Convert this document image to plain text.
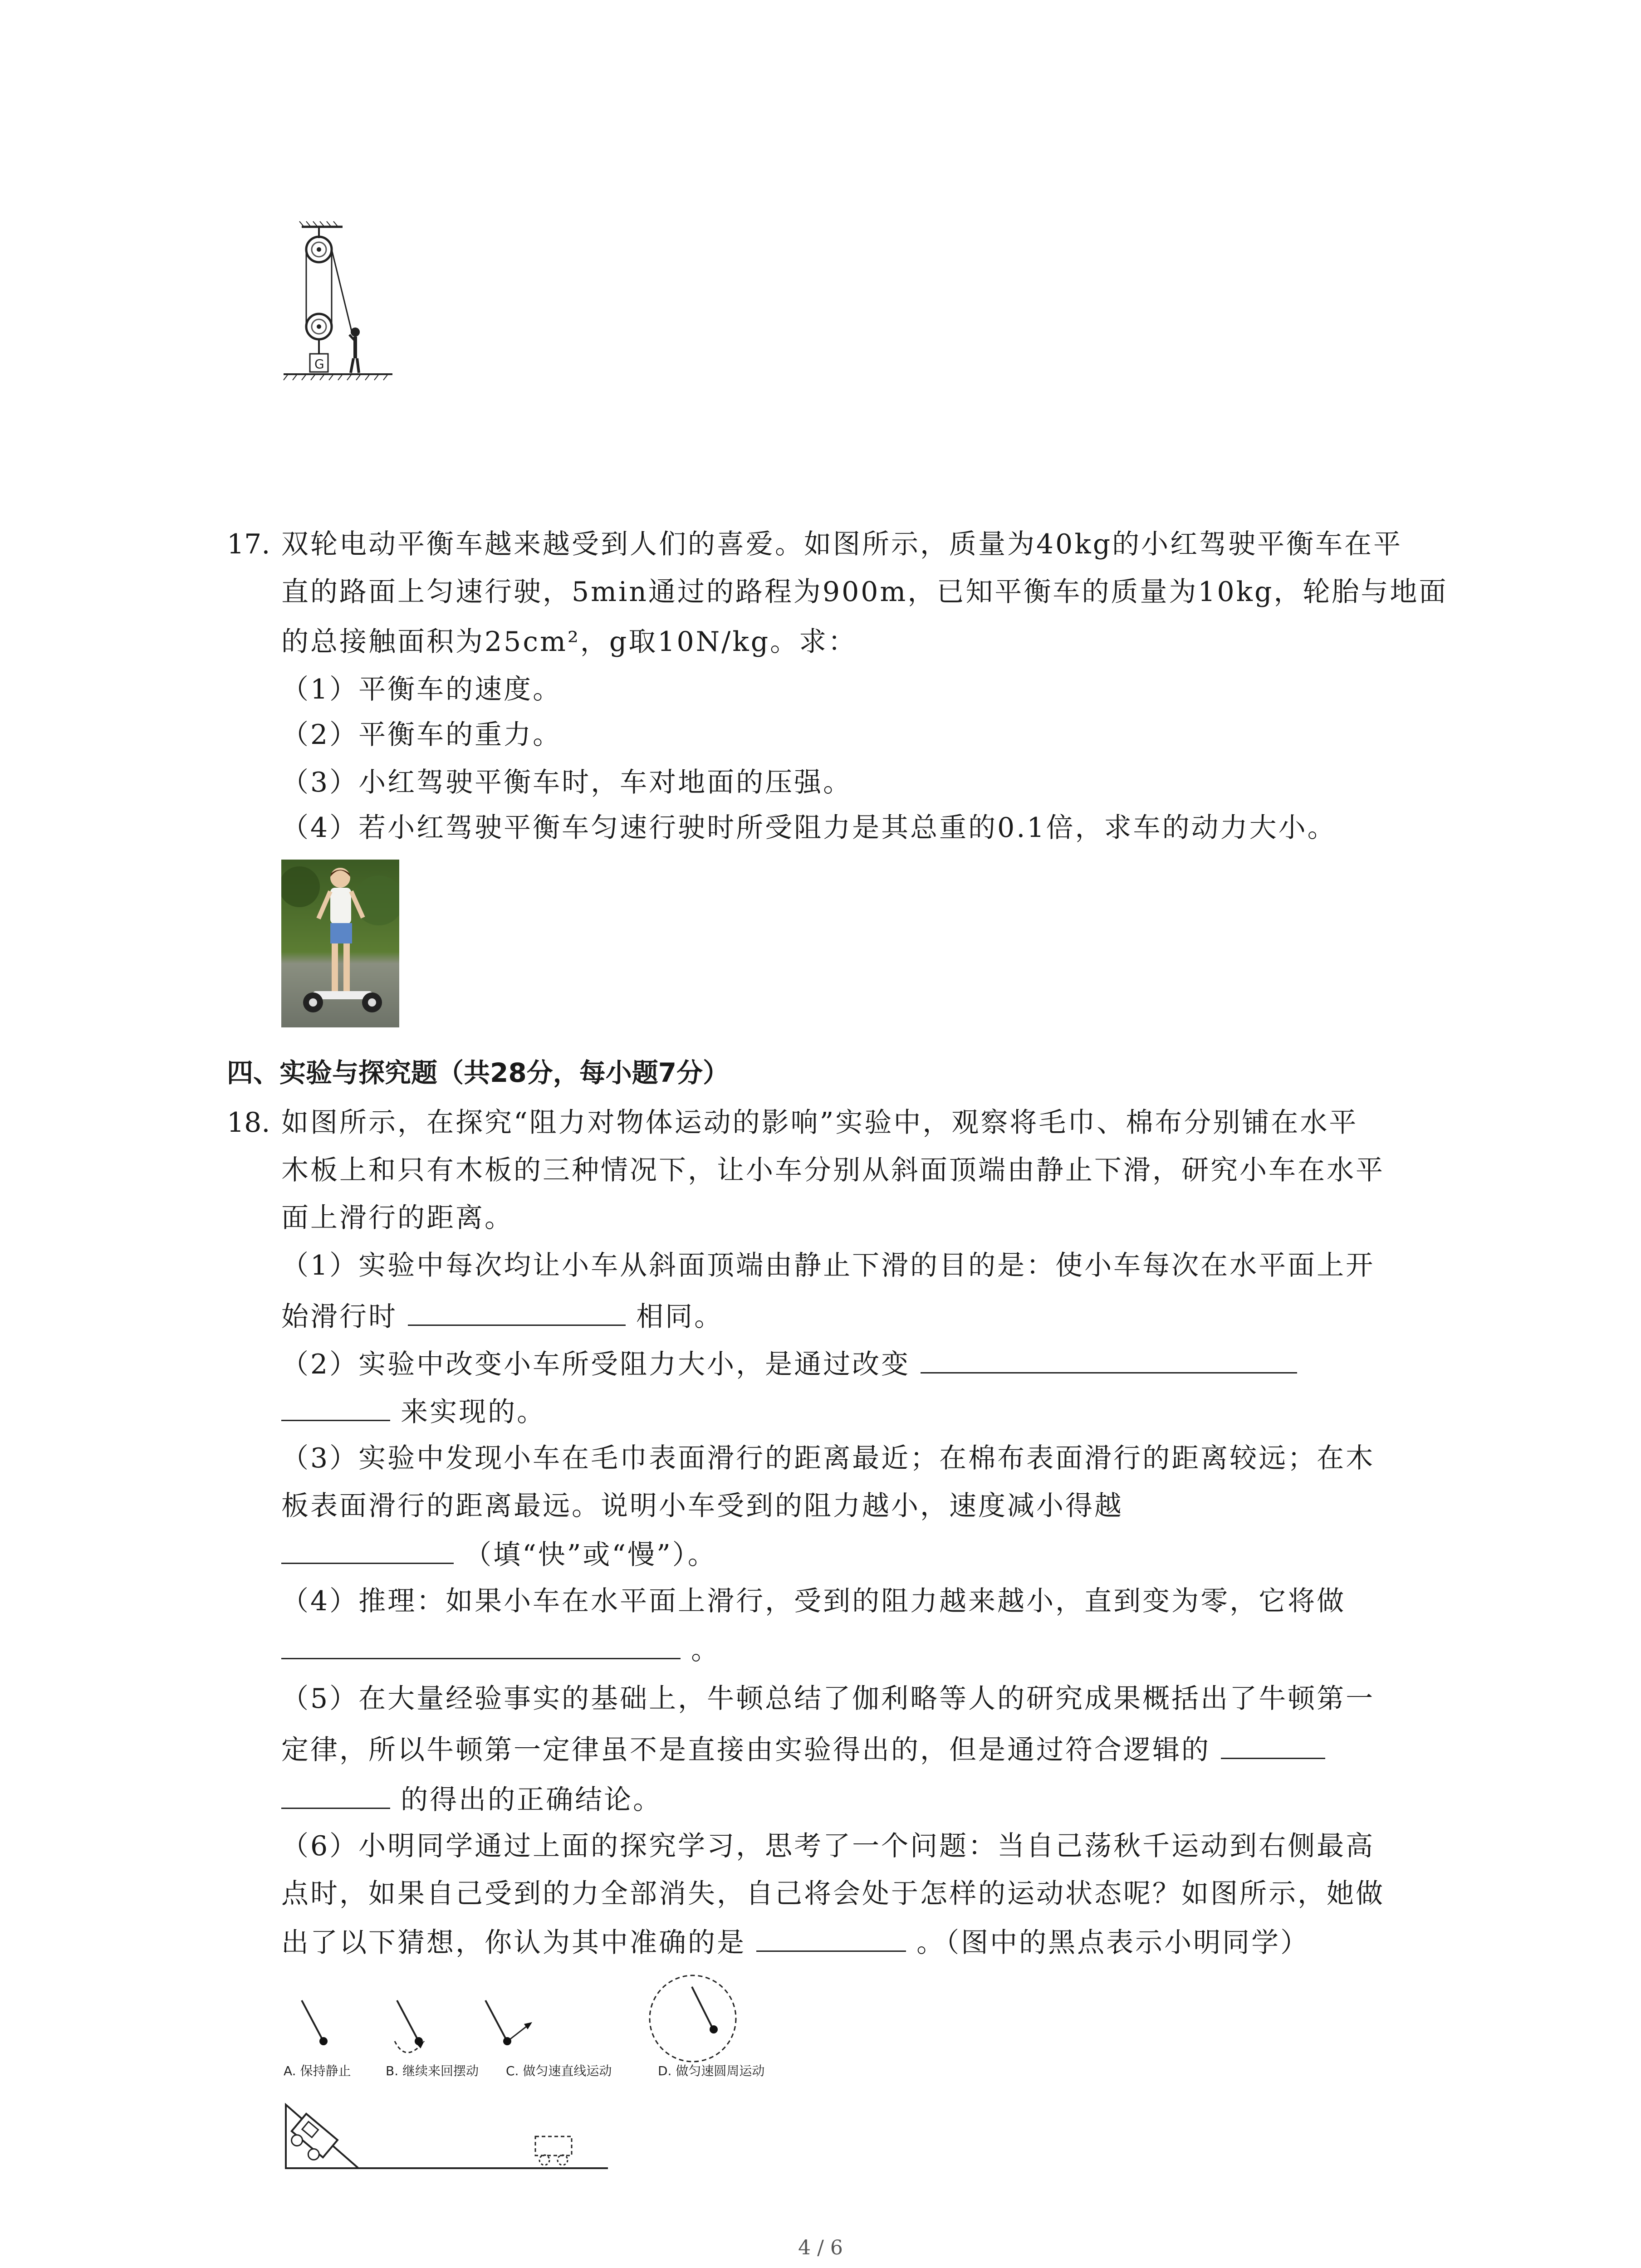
G
17. 双轮电动平衡车越来越受到人们的喜爱。如图所示，质量为40kg的小红驾驶平衡车在平
直的路面上匀速行驶，5min通过的路程为900m，已知平衡车的质量为10kg，轮胎与地面
的总接触面积为25cm²，g取10N/kg。求：
（1）平衡车的速度。
（2）平衡车的重力。
（3）小红驾驶平衡车时，车对地面的压强。
（4）若小红驾驶平衡车匀速行驶时所受阻力是其总重的0.1倍，求车的动力大小。
四、实验与探究题（共28分，每小题7分）
18. 如图所示，在探究“阻力对物体运动的影响”实验中，观察将毛巾、棉布分别铺在水平
木板上和只有木板的三种情况下，让小车分别从斜面顶端由静止下滑，研究小车在水平
面上滑行的距离。
（1）实验中每次均让小车从斜面顶端由静止下滑的目的是：使小车每次在水平面上开
始滑行时	相同。
（2）实验中改变小车所受阻力大小，是通过改变
来实现的。
（3）实验中发现小车在毛巾表面滑行的距离最近；在棉布表面滑行的距离较远；在木
板表面滑行的距离最远。说明小车受到的阻力越小，速度减小得越
（填“快”或“慢”）。
（4）推理：如果小车在水平面上滑行，受到的阻力越来越小，直到变为零，它将做
。
（5）在大量经验事实的基础上，牛顿总结了伽利略等人的研究成果概括出了牛顿第一
定律，所以牛顿第一定律虽不是直接由实验得出的，但是通过符合逻辑的
的得出的正确结论。
（6）小明同学通过上面的探究学习，思考了一个问题：当自己荡秋千运动到右侧最高
点时，如果自己受到的力全部消失，自己将会处于怎样的运动状态呢？如图所示，她做
出了以下猜想，你认为其中准确的是	。（图中的黑点表示小明同学）
A. 保持静止	B. 继续来回摆动 C. 做匀速直线运动	D. 做匀速圆周运动
4 / 6
